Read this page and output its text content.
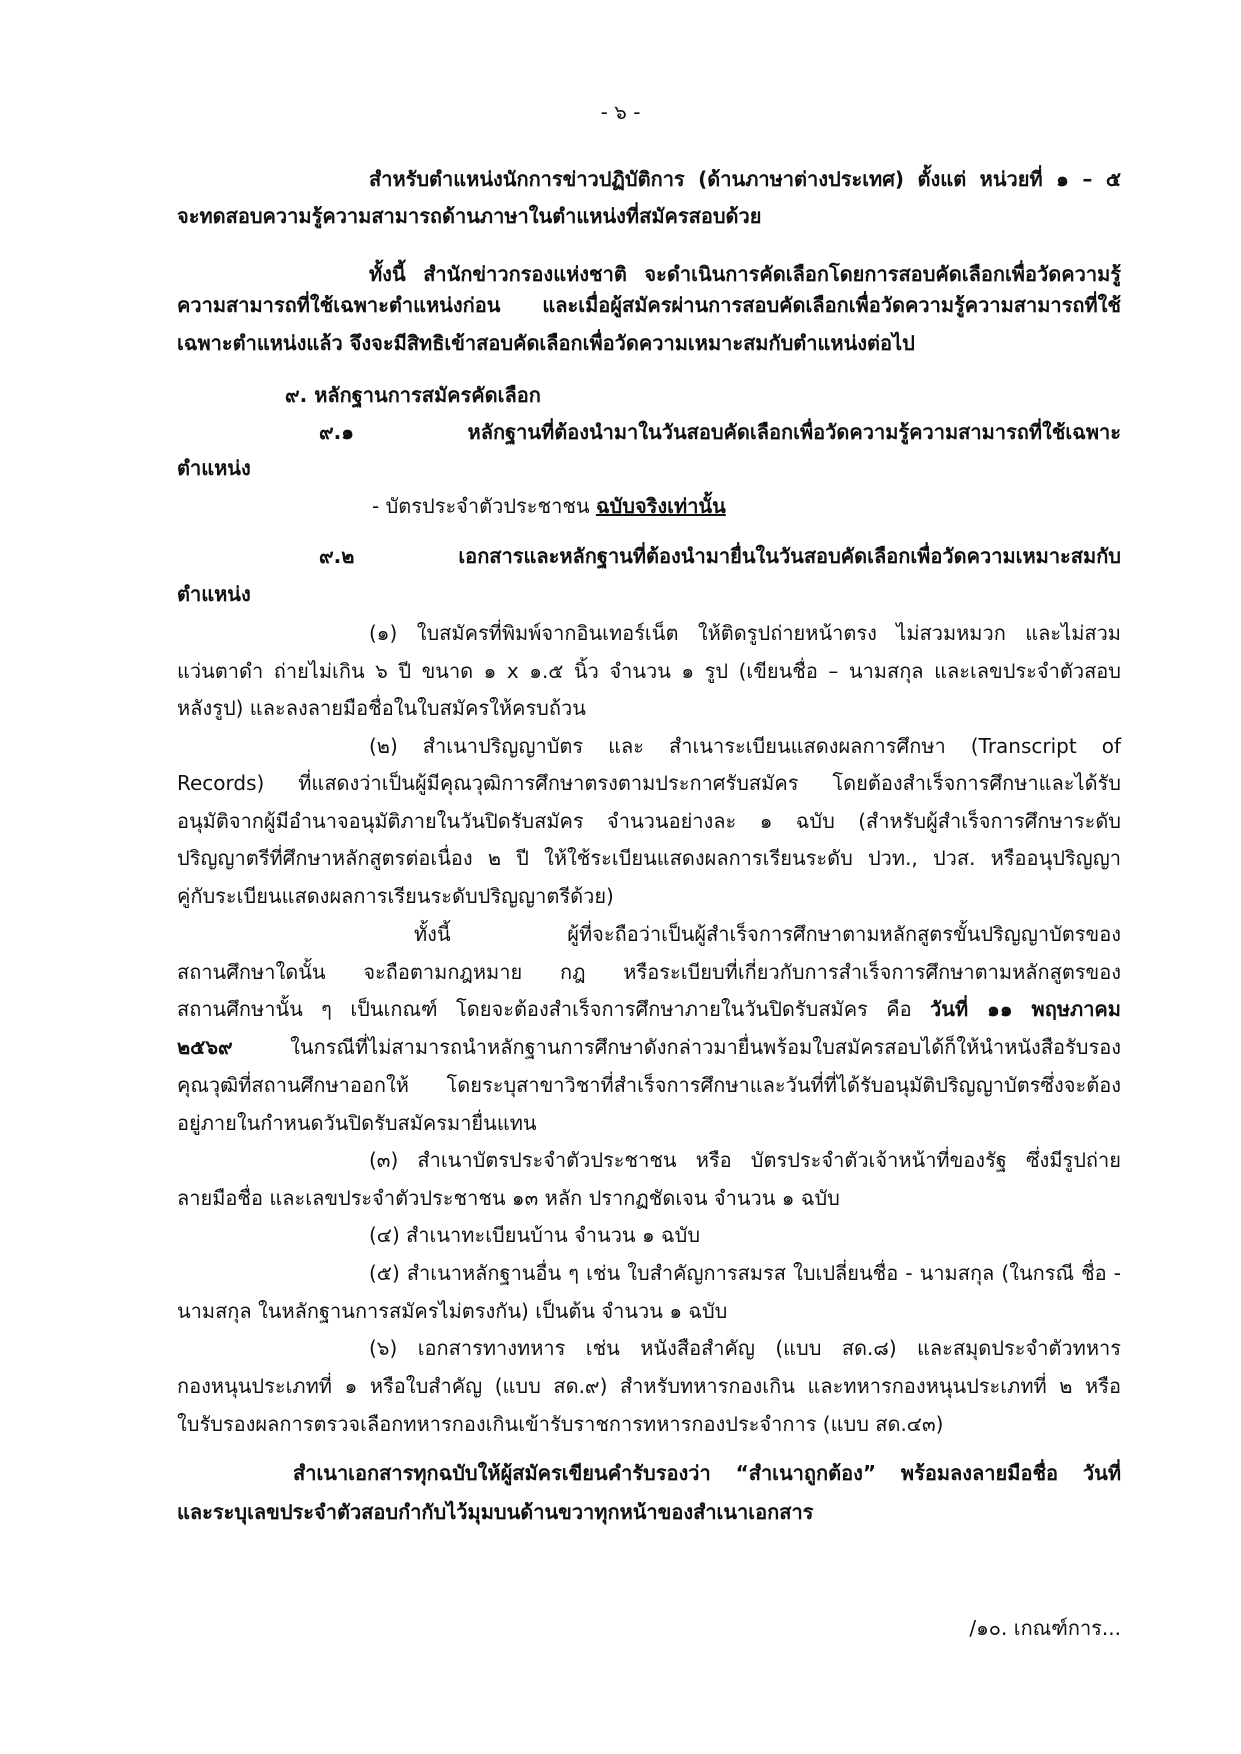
- ๖ -
สำหรับตำแหน่งนักการข่าวปฏิบัติการ (ด้านภาษาต่างประเทศ) ตั้งแต่ หน่วยที่ ๑ – ๕
จะทดสอบความรู้ความสามารถด้านภาษาในตำแหน่งที่สมัครสอบด้วย
ทั้งนี้ สำนักข่าวกรองแห่งชาติ จะดำเนินการคัดเลือกโดยการสอบคัดเลือกเพื่อวัดความรู้
ความสามารถที่ใช้เฉพาะตำแหน่งก่อน และเมื่อผู้สมัครผ่านการสอบคัดเลือกเพื่อวัดความรู้ความสามารถที่ใช้
เฉพาะตำแหน่งแล้ว จึงจะมีสิทธิเข้าสอบคัดเลือกเพื่อวัดความเหมาะสมกับตำแหน่งต่อไป
๙. หลักฐานการสมัครคัดเลือก
๙.๑ หลักฐานที่ต้องนำมาในวันสอบคัดเลือกเพื่อวัดความรู้ความสามารถที่ใช้เฉพาะ
ตำแหน่ง
- บัตรประจำตัวประชาชน ฉบับจริงเท่านั้น
๙.๒ เอกสารและหลักฐานที่ต้องนำมายื่นในวันสอบคัดเลือกเพื่อวัดความเหมาะสมกับ
ตำแหน่ง
(๑) ใบสมัครที่พิมพ์จากอินเทอร์เน็ต ให้ติดรูปถ่ายหน้าตรง ไม่สวมหมวก และไม่สวม
แว่นตาดำ ถ่ายไม่เกิน ๖ ปี ขนาด ๑ x ๑.๕ นิ้ว จำนวน ๑ รูป (เขียนชื่อ – นามสกุล และเลขประจำตัวสอบ
หลังรูป) และลงลายมือชื่อในใบสมัครให้ครบถ้วน
(๒) สำเนาปริญญาบัตร และ สำเนาระเบียนแสดงผลการศึกษา (Transcript of
Records) ที่แสดงว่าเป็นผู้มีคุณวุฒิการศึกษาตรงตามประกาศรับสมัคร โดยต้องสำเร็จการศึกษาและได้รับ
อนุมัติจากผู้มีอำนาจอนุมัติภายในวันปิดรับสมัคร จำนวนอย่างละ ๑ ฉบับ (สำหรับผู้สำเร็จการศึกษาระดับ
ปริญญาตรีที่ศึกษาหลักสูตรต่อเนื่อง ๒ ปี ให้ใช้ระเบียนแสดงผลการเรียนระดับ ปวท., ปวส. หรืออนุปริญญา
คู่กับระเบียนแสดงผลการเรียนระดับปริญญาตรีด้วย)
ทั้งนี้ ผู้ที่จะถือว่าเป็นผู้สำเร็จการศึกษาตามหลักสูตรขั้นปริญญาบัตรของ
สถานศึกษาใดนั้น จะถือตามกฎหมาย กฎ หรือระเบียบที่เกี่ยวกับการสำเร็จการศึกษาตามหลักสูตรของ
สถานศึกษานั้น ๆ เป็นเกณฑ์ โดยจะต้องสำเร็จการศึกษาภายในวันปิดรับสมัคร คือ วันที่ ๑๑ พฤษภาคม
๒๕๖๙ ในกรณีที่ไม่สามารถนำหลักฐานการศึกษาดังกล่าวมายื่นพร้อมใบสมัครสอบได้ก็ให้นำหนังสือรับรอง
คุณวุฒิที่สถานศึกษาออกให้ โดยระบุสาขาวิชาที่สำเร็จการศึกษาและวันที่ที่ได้รับอนุมัติปริญญาบัตรซึ่งจะต้อง
อยู่ภายในกำหนดวันปิดรับสมัครมายื่นแทน
(๓) สำเนาบัตรประจำตัวประชาชน หรือ บัตรประจำตัวเจ้าหน้าที่ของรัฐ ซึ่งมีรูปถ่าย
ลายมือชื่อ และเลขประจำตัวประชาชน ๑๓ หลัก ปรากฏชัดเจน จำนวน ๑ ฉบับ
(๔) สำเนาทะเบียนบ้าน จำนวน ๑ ฉบับ
(๕) สำเนาหลักฐานอื่น ๆ เช่น ใบสำคัญการสมรส ใบเปลี่ยนชื่อ - นามสกุล (ในกรณี ชื่อ -
นามสกุล ในหลักฐานการสมัครไม่ตรงกัน) เป็นต้น จำนวน ๑ ฉบับ
(๖) เอกสารทางทหาร เช่น หนังสือสำคัญ (แบบ สด.๘) และสมุดประจำตัวทหาร
กองหนุนประเภทที่ ๑ หรือใบสำคัญ (แบบ สด.๙) สำหรับทหารกองเกิน และทหารกองหนุนประเภทที่ ๒ หรือ
ใบรับรองผลการตรวจเลือกทหารกองเกินเข้ารับราชการทหารกองประจำการ (แบบ สด.๔๓)
สำเนาเอกสารทุกฉบับให้ผู้สมัครเขียนคำรับรองว่า “สำเนาถูกต้อง” พร้อมลงลายมือชื่อ วันที่
และระบุเลขประจำตัวสอบกำกับไว้มุมบนด้านขวาทุกหน้าของสำเนาเอกสาร
/๑๐. เกณฑ์การ...
